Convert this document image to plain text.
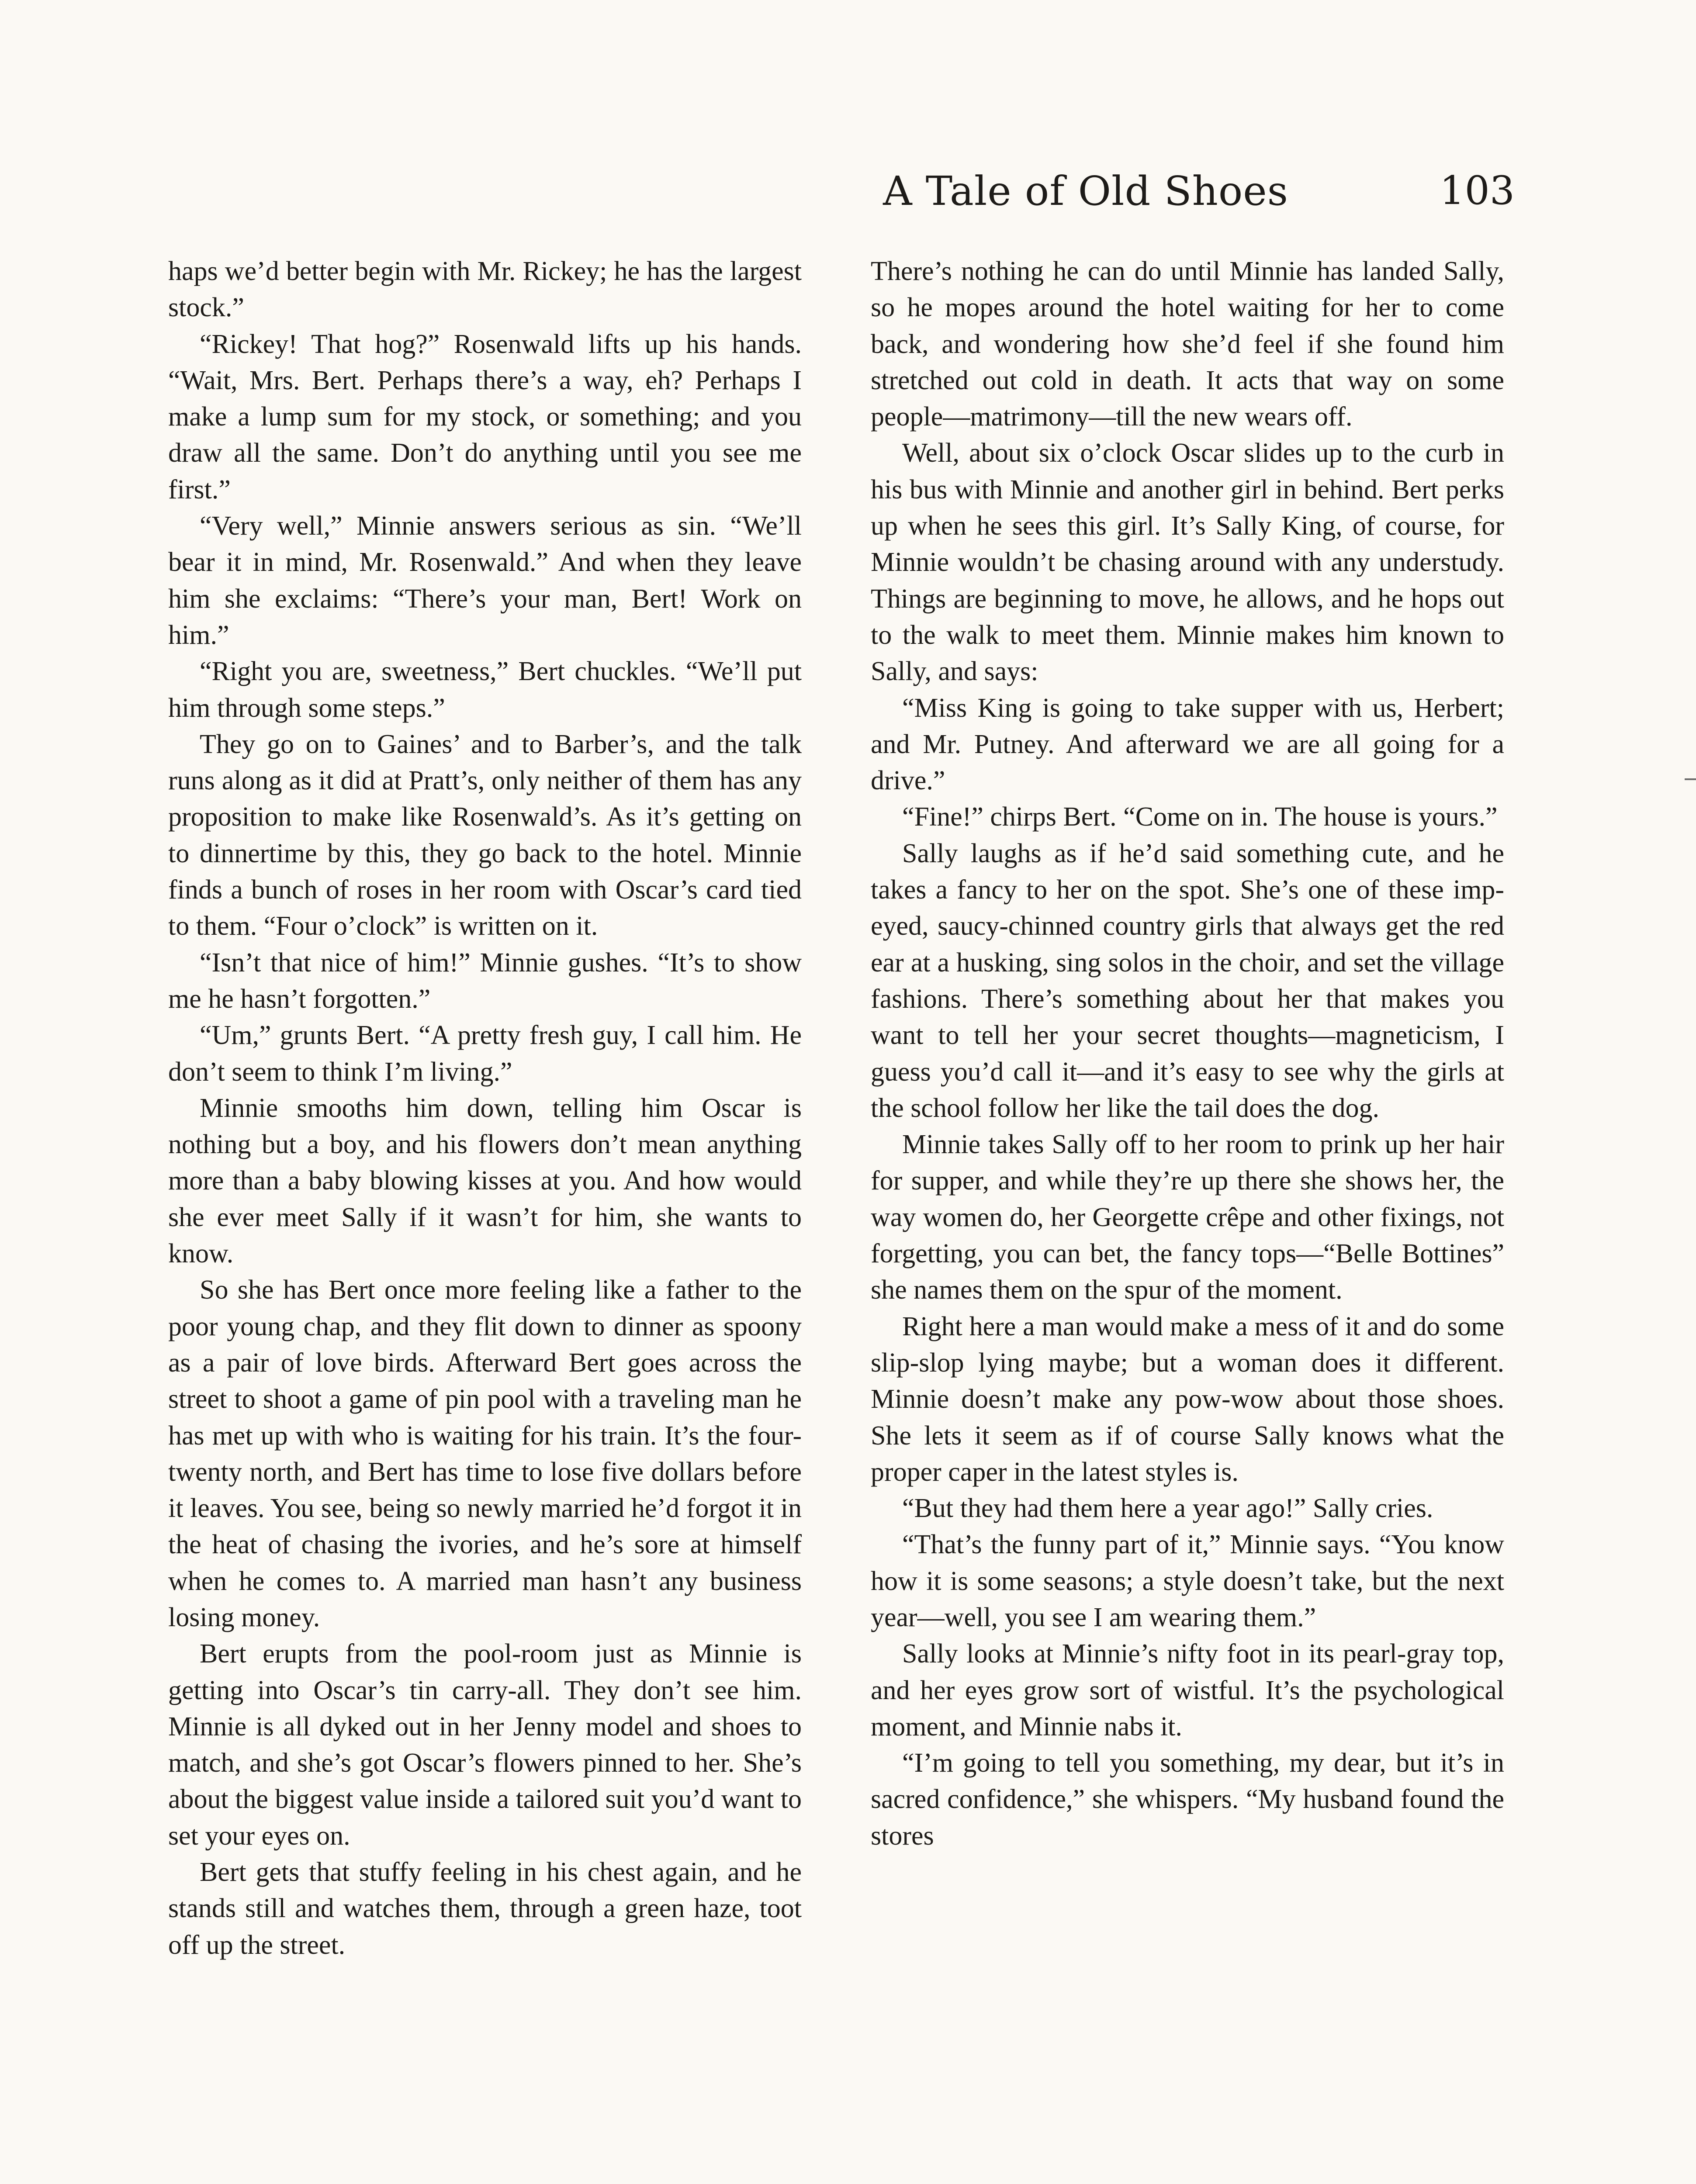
A Tale of Old Shoes	103

haps we’d better begin with Mr. Rickey; he has the largest stock.”

“Rickey! That hog?” Rosenwald lifts up his hands. “Wait, Mrs. Bert. Perhaps there’s a way, eh? Perhaps I make a lump sum for my stock, or something; and you draw all the same. Don’t do anything until you see me first.”

“Very well,” Minnie answers serious as sin. “We’ll bear it in mind, Mr. Rosenwald.” And when they leave him she exclaims: “There’s your man, Bert! Work on him.”

“Right you are, sweetness,” Bert chuckles. “We’ll put him through some steps.”

They go on to Gaines’ and to Barber’s, and the talk runs along as it did at Pratt’s, only neither of them has any proposition to make like Rosenwald’s. As it’s getting on to dinnertime by this, they go back to the hotel. Minnie finds a bunch of roses in her room with Oscar’s card tied to them. “Four o’clock” is written on it.

“Isn’t that nice of him!” Minnie gushes. “It’s to show me he hasn’t forgotten.”

“Um,” grunts Bert. “A pretty fresh guy, I call him. He don’t seem to think I’m living.”

Minnie smooths him down, telling him Oscar is nothing but a boy, and his flowers don’t mean anything more than a baby blowing kisses at you. And how would she ever meet Sally if it wasn’t for him, she wants to know.

So she has Bert once more feeling like a father to the poor young chap, and they flit down to dinner as spoony as a pair of love birds. Afterward Bert goes across the street to shoot a game of pin pool with a traveling man he has met up with who is waiting for his train. It’s the four-twenty north, and Bert has time to lose five dollars before it leaves. You see, being so newly married he’d forgot it in the heat of chasing the ivories, and he’s sore at himself when he comes to. A married man hasn’t any business losing money.

Bert erupts from the pool-room just as Minnie is getting into Oscar’s tin carry-all. They don’t see him. Minnie is all dyked out in her Jenny model and shoes to match, and she’s got Oscar’s flowers pinned to her. She’s about the biggest value inside a tailored suit you’d want to set your eyes on.

Bert gets that stuffy feeling in his chest again, and he stands still and watches them, through a green haze, toot off up the street.

There’s nothing he can do until Minnie has landed Sally, so he mopes around the hotel waiting for her to come back, and wondering how she’d feel if she found him stretched out cold in death. It acts that way on some people—matrimony—till the new wears off.

Well, about six o’clock Oscar slides up to the curb in his bus with Minnie and another girl in behind. Bert perks up when he sees this girl. It’s Sally King, of course, for Minnie wouldn’t be chasing around with any understudy. Things are beginning to move, he allows, and he hops out to the walk to meet them. Minnie makes him known to Sally, and says:

“Miss King is going to take supper with us, Herbert; and Mr. Putney. And afterward we are all going for a drive.”

“Fine!” chirps Bert. “Come on in. The house is yours.”

Sally laughs as if he’d said something cute, and he takes a fancy to her on the spot. She’s one of these imp-eyed, saucy-chinned country girls that always get the red ear at a husking, sing solos in the choir, and set the village fashions. There’s something about her that makes you want to tell her your secret thoughts—magneticism, I guess you’d call it—and it’s easy to see why the girls at the school follow her like the tail does the dog.

Minnie takes Sally off to her room to prink up her hair for supper, and while they’re up there she shows her, the way women do, her Georgette crêpe and other fixings, not forgetting, you can bet, the fancy tops—“Belle Bottines” she names them on the spur of the moment.

Right here a man would make a mess of it and do some slip-slop lying maybe; but a woman does it different. Minnie doesn’t make any pow-wow about those shoes. She lets it seem as if of course Sally knows what the proper caper in the latest styles is.

“But they had them here a year ago!” Sally cries.

“That’s the funny part of it,” Minnie says. “You know how it is some seasons; a style doesn’t take, but the next year—well, you see I am wearing them.”

Sally looks at Minnie’s nifty foot in its pearl-gray top, and her eyes grow sort of wistful. It’s the psychological moment, and Minnie nabs it.

“I’m going to tell you something, my dear, but it’s in sacred confidence,” she whispers. “My husband found the stores
